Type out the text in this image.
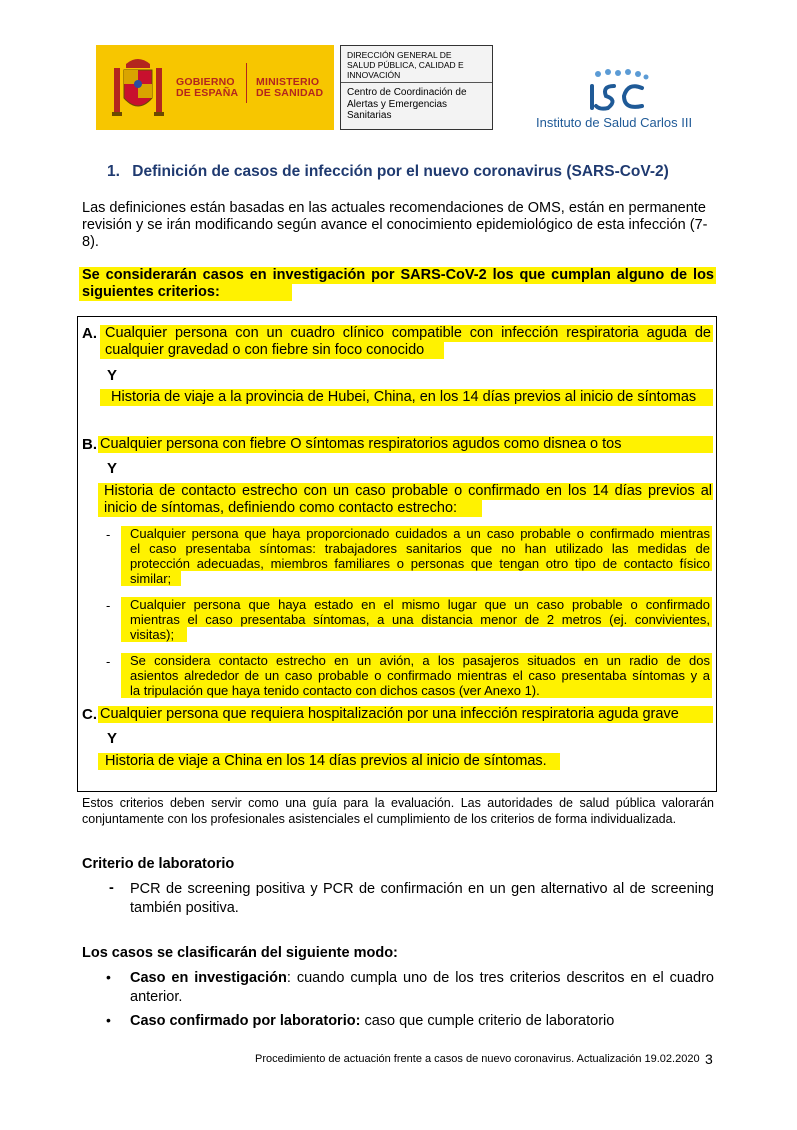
GOBIERNO
DE ESPAÑA
MINISTERIO
DE SANIDAD
DIRECCIÓN GENERAL DE
SALUD PÚBLICA, CALIDAD E
INNOVACIÓN
Centro de Coordinación de
Alertas y Emergencias
Sanitarias	Instituto de Salud Carlos III
1. Definición de casos de infección por el nuevo coronavirus (SARS-CoV-2)
Las definiciones están basadas en las actuales recomendaciones de OMS, están en permanente
revisión y se irán modificando según avance el conocimiento epidemiológico de esta infección (7-
8).
Se considerarán casos en investigación por SARS-CoV-2 los que cumplan alguno de los
siguientes criterios:
A. Cualquier persona con un cuadro clínico compatible con infección respiratoria aguda de
cualquier gravedad o con fiebre sin foco conocido
Y
Historia de viaje a la provincia de Hubei, China, en los 14 días previos al inicio de síntomas
B. Cualquier persona con fiebre O síntomas respiratorios agudos como disnea o tos
Y
Historia de contacto estrecho con un caso probable o confirmado en los 14 días previos al
inicio de síntomas, definiendo como contacto estrecho:
- Cualquier persona que haya proporcionado cuidados a un caso probable o confirmado mientras
el caso presentaba síntomas: trabajadores sanitarios que no han utilizado las medidas de
protección adecuadas, miembros familiares o personas que tengan otro tipo de contacto físico
similar;
- Cualquier persona que haya estado en el mismo lugar que un caso probable o confirmado
mientras el caso presentaba síntomas, a una distancia menor de 2 metros (ej. convivientes,
visitas);
- Se considera contacto estrecho en un avión, a los pasajeros situados en un radio de dos
asientos alrededor de un caso probable o confirmado mientras el caso presentaba síntomas y a
la tripulación que haya tenido contacto con dichos casos (ver Anexo 1).
C. Cualquier persona que requiera hospitalización por una infección respiratoria aguda grave
Y
Historia de viaje a China en los 14 días previos al inicio de síntomas.
Estos criterios deben servir como una guía para la evaluación. Las autoridades de salud pública valorarán
conjuntamente con los profesionales asistenciales el cumplimiento de los criterios de forma individualizada.
Criterio de laboratorio
- PCR de screening positiva y PCR de confirmación en un gen alternativo al de screening
también positiva.
Los casos se clasificarán del siguiente modo:
• Caso en investigación: cuando cumpla uno de los tres criterios descritos en el cuadro
anterior.
• Caso confirmado por laboratorio: caso que cumple criterio de laboratorio
Procedimiento de actuación frente a casos de nuevo coronavirus. Actualización 19.02.2020 3
